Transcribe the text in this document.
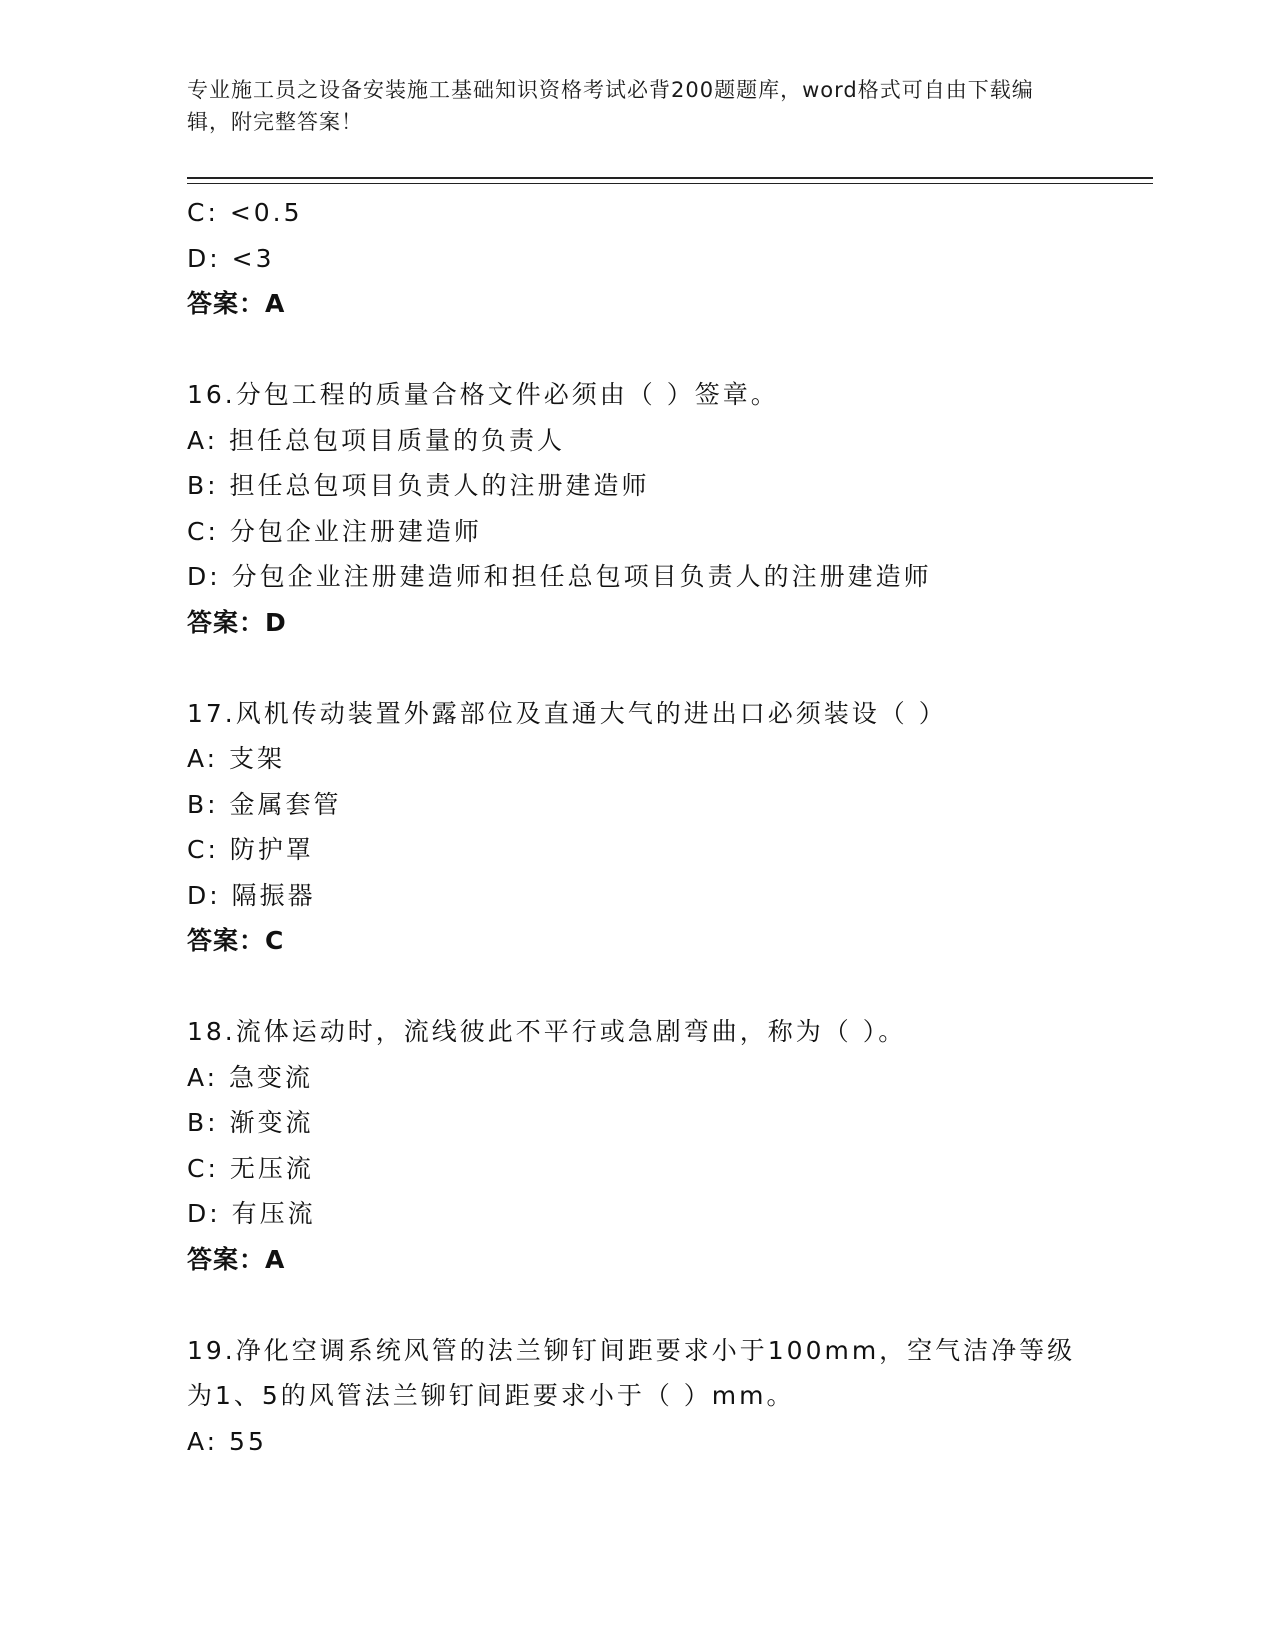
专业施工员之设备安装施工基础知识资格考试必背200题题库，word格式可自由下载编辑，附完整答案！
C: <0.5
D: <3
答案：A
16.分包工程的质量合格文件必须由（ ）签章。
A: 担任总包项目质量的负责人
B: 担任总包项目负责人的注册建造师
C: 分包企业注册建造师
D: 分包企业注册建造师和担任总包项目负责人的注册建造师
答案：D
17.风机传动装置外露部位及直通大气的进出口必须装设（ ）
A: 支架
B: 金属套管
C: 防护罩
D: 隔振器
答案：C
18.流体运动时，流线彼此不平行或急剧弯曲，称为（ ）。
A: 急变流
B: 渐变流
C: 无压流
D: 有压流
答案：A
19.净化空调系统风管的法兰铆钉间距要求小于100mm，空气洁净等级
为1、5的风管法兰铆钉间距要求小于（ ）mm。
A: 55
